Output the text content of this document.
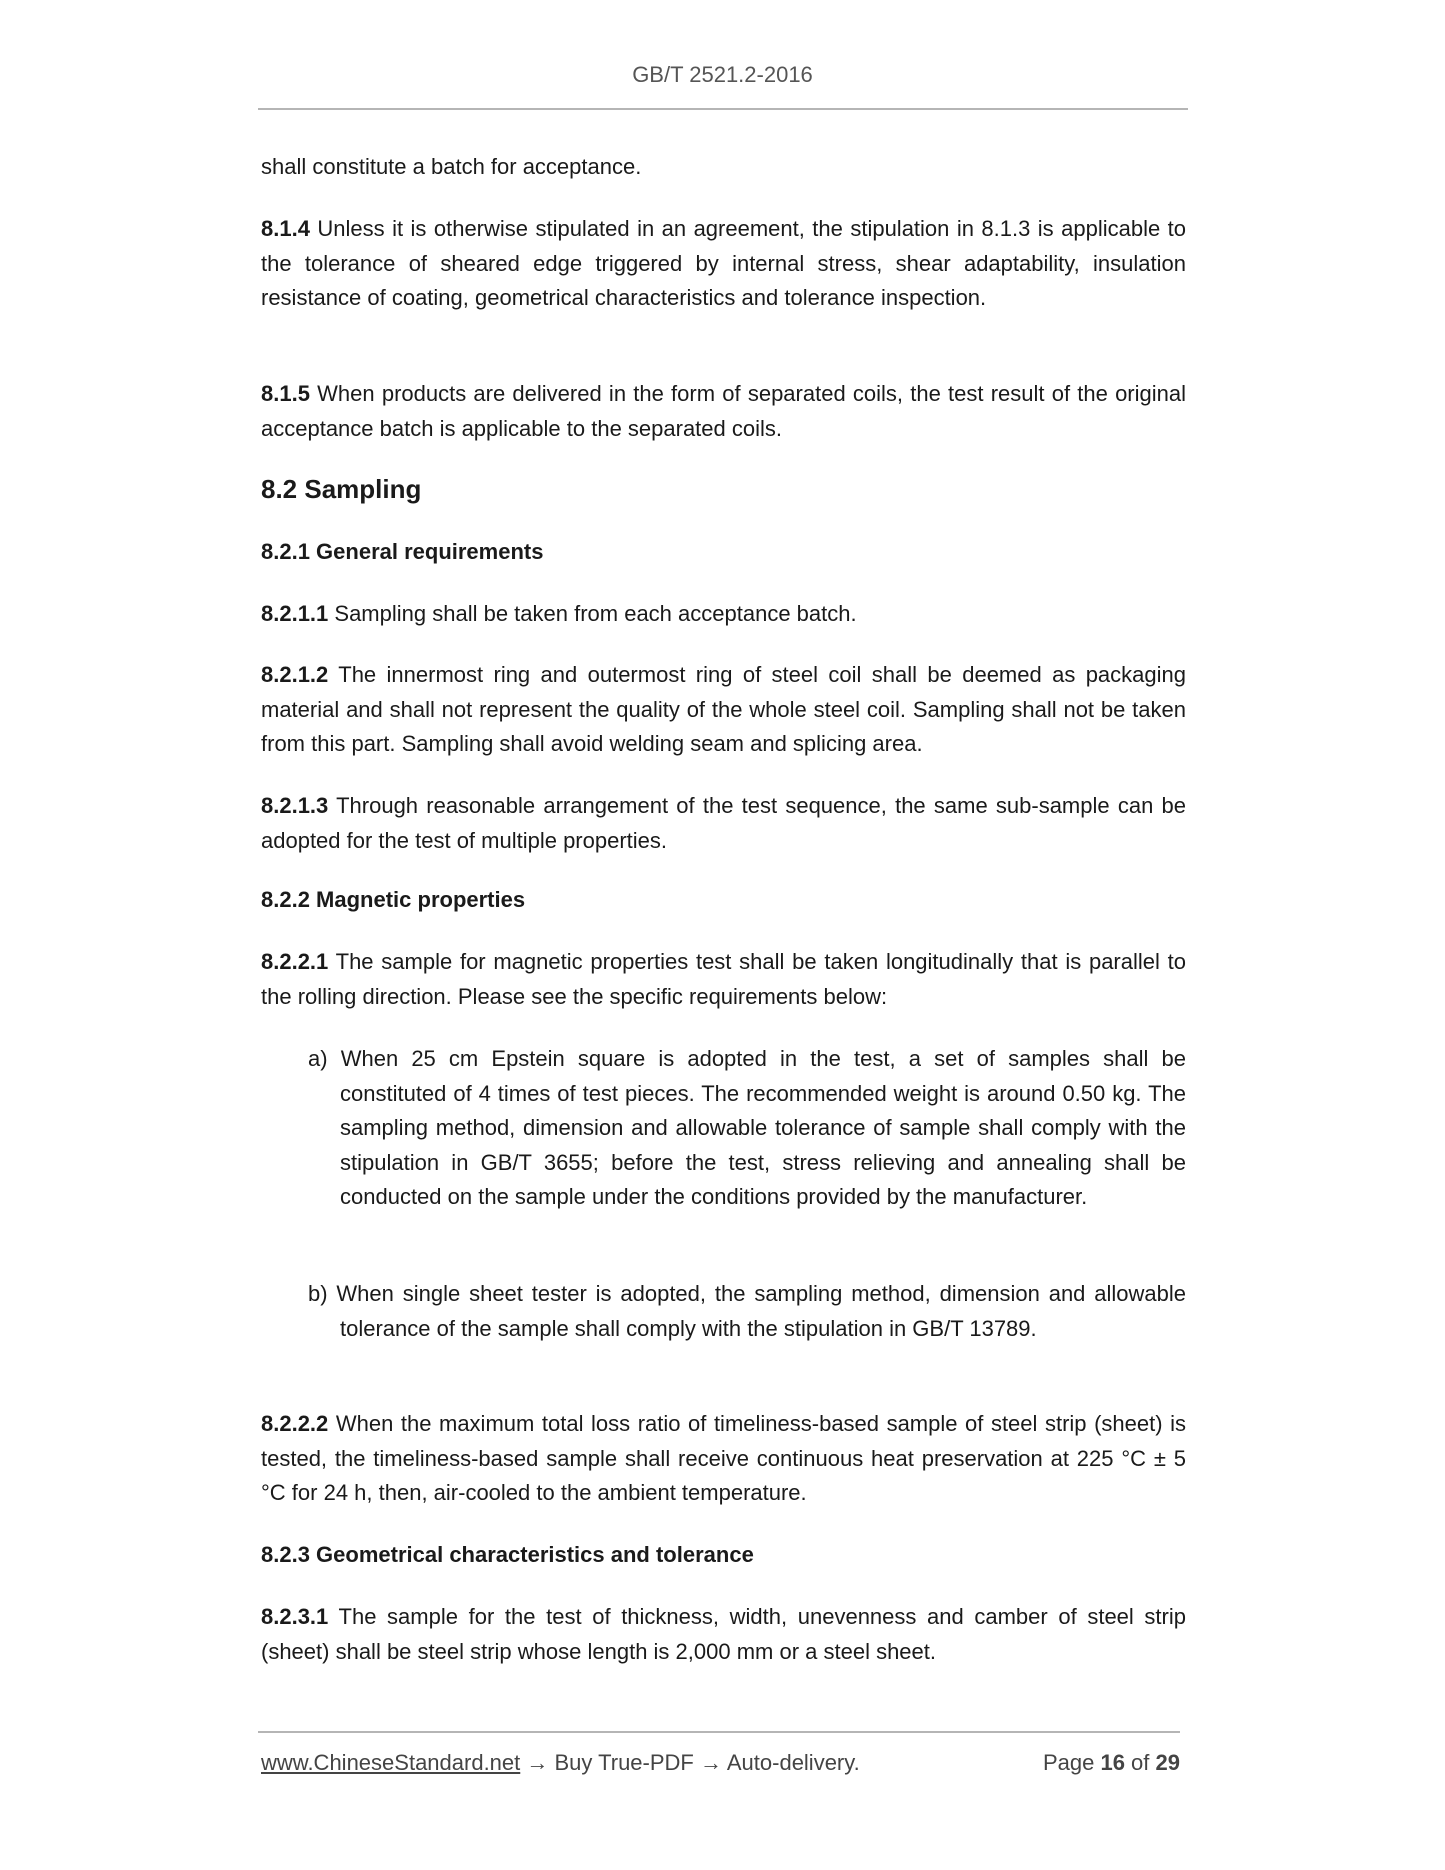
GB/T 2521.2-2016
shall constitute a batch for acceptance.
8.1.4 Unless it is otherwise stipulated in an agreement, the stipulation in 8.1.3 is applicable to the tolerance of sheared edge triggered by internal stress, shear adaptability, insulation resistance of coating, geometrical characteristics and tolerance inspection.
8.1.5 When products are delivered in the form of separated coils, the test result of the original acceptance batch is applicable to the separated coils.
8.2 Sampling
8.2.1 General requirements
8.2.1.1 Sampling shall be taken from each acceptance batch.
8.2.1.2 The innermost ring and outermost ring of steel coil shall be deemed as packaging material and shall not represent the quality of the whole steel coil. Sampling shall not be taken from this part. Sampling shall avoid welding seam and splicing area.
8.2.1.3 Through reasonable arrangement of the test sequence, the same sub-sample can be adopted for the test of multiple properties.
8.2.2 Magnetic properties
8.2.2.1 The sample for magnetic properties test shall be taken longitudinally that is parallel to the rolling direction. Please see the specific requirements below:
a) When 25 cm Epstein square is adopted in the test, a set of samples shall be constituted of 4 times of test pieces. The recommended weight is around 0.50 kg. The sampling method, dimension and allowable tolerance of sample shall comply with the stipulation in GB/T 3655; before the test, stress relieving and annealing shall be conducted on the sample under the conditions provided by the manufacturer.
b) When single sheet tester is adopted, the sampling method, dimension and allowable tolerance of the sample shall comply with the stipulation in GB/T 13789.
8.2.2.2 When the maximum total loss ratio of timeliness-based sample of steel strip (sheet) is tested, the timeliness-based sample shall receive continuous heat preservation at 225 °C ± 5 °C for 24 h, then, air-cooled to the ambient temperature.
8.2.3 Geometrical characteristics and tolerance
8.2.3.1 The sample for the test of thickness, width, unevenness and camber of steel strip (sheet) shall be steel strip whose length is 2,000 mm or a steel sheet.
www.ChineseStandard.net → Buy True-PDF → Auto-delivery.	Page 16 of 29
